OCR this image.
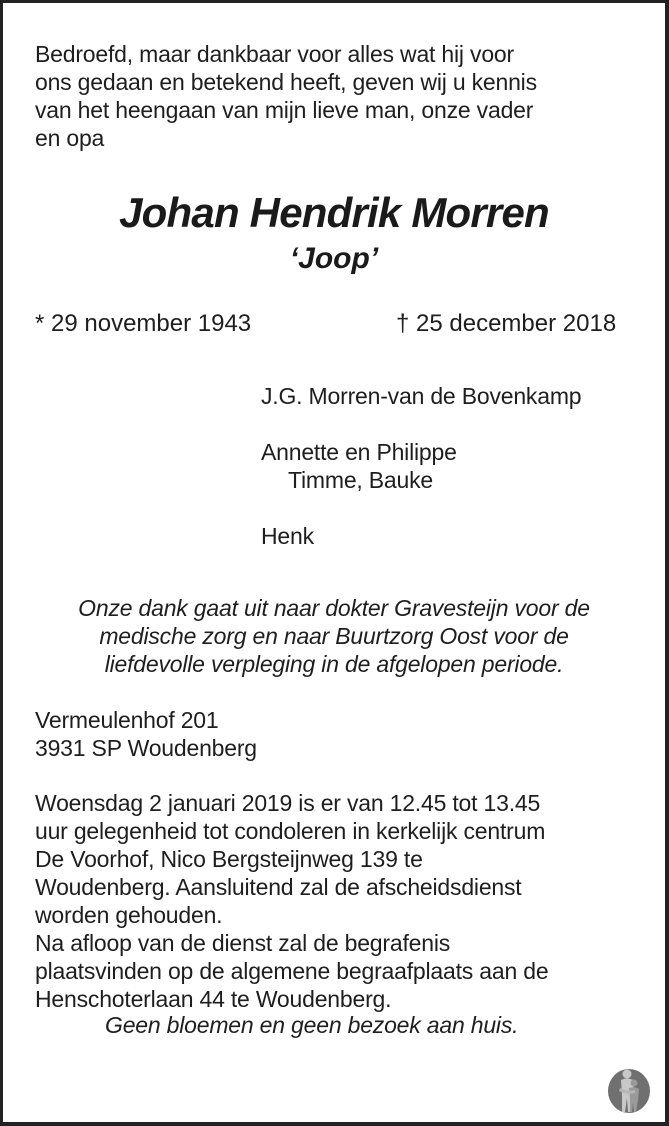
Bedroefd, maar dankbaar voor alles wat hij voor
ons gedaan en betekend heeft, geven wij u kennis
van het heengaan van mijn lieve man, onze vader
en opa
Johan Hendrik Morren
‘Joop’
* 29 november 1943	† 25 december 2018
J.G. Morren-van de Bovenkamp
Annette en Philippe
Timme, Bauke
Henk
Onze dank gaat uit naar dokter Gravesteijn voor de
medische zorg en naar Buurtzorg Oost voor de
liefdevolle verpleging in de afgelopen periode.
Vermeulenhof 201
3931 SP Woudenberg
Woensdag 2 januari 2019 is er van 12.45 tot 13.45
uur gelegenheid tot condoleren in kerkelijk centrum
De Voorhof, Nico Bergsteijnweg 139 te
Woudenberg. Aansluitend zal de afscheidsdienst
worden gehouden.
Na afloop van de dienst zal de begrafenis
plaatsvinden op de algemene begraafplaats aan de
Henschoterlaan 44 te Woudenberg.
Geen bloemen en geen bezoek aan huis.
